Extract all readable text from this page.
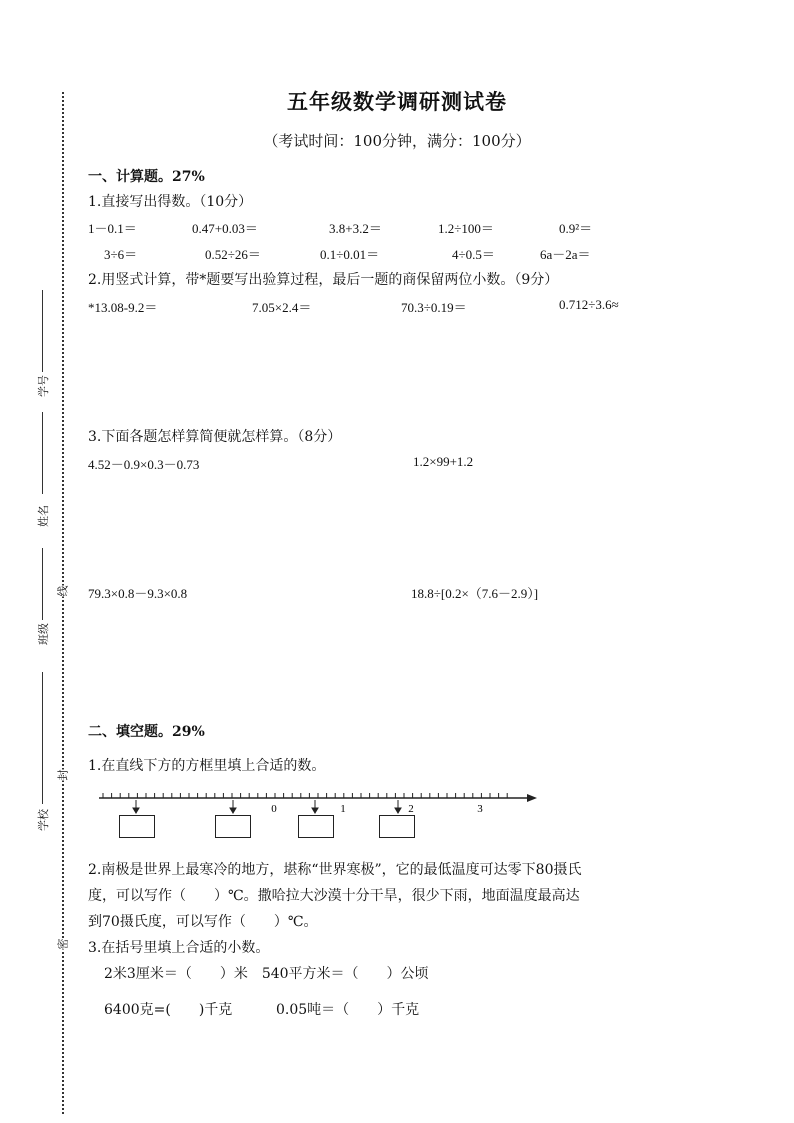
学号
姓名
班级
学校
线
封
密
五年级数学调研测试卷
（考试时间：100分钟，满分：100分）
一、计算题。27%
1.直接写出得数。（10分）
1－0.1＝	0.47+0.03＝	3.8+3.2＝	1.2÷100＝	0.9²＝
3÷6＝	0.52÷26＝	0.1÷0.01＝	4÷0.5＝	6a－2a＝
2.用竖式计算，带*题要写出验算过程，最后一题的商保留两位小数。（9分）
*13.08-9.2＝	7.05×2.4＝	70.3÷0.19＝	0.712÷3.6≈
3.下面各题怎样算简便就怎样算。（8分）
4.52－0.9×0.3－0.73	1.2×99+1.2
79.3×0.8－9.3×0.8	18.8÷[0.2×（7.6－2.9）]
二、填空题。29%
1.在直线下方的方框里填上合适的数。
0	1	2	3
2.南极是世界上最寒冷的地方，堪称“世界寒极”，它的最低温度可达零下80摄氏
度，可以写作（　　）℃。撒哈拉大沙漠十分干旱，很少下雨，地面温度最高达
到70摄氏度，可以写作（　　）℃。
3.在括号里填上合适的小数。
2米3厘米＝（　　）米　540平方米＝（　　）公顷
6400克=(　　)千克	0.05吨＝（　　）千克
